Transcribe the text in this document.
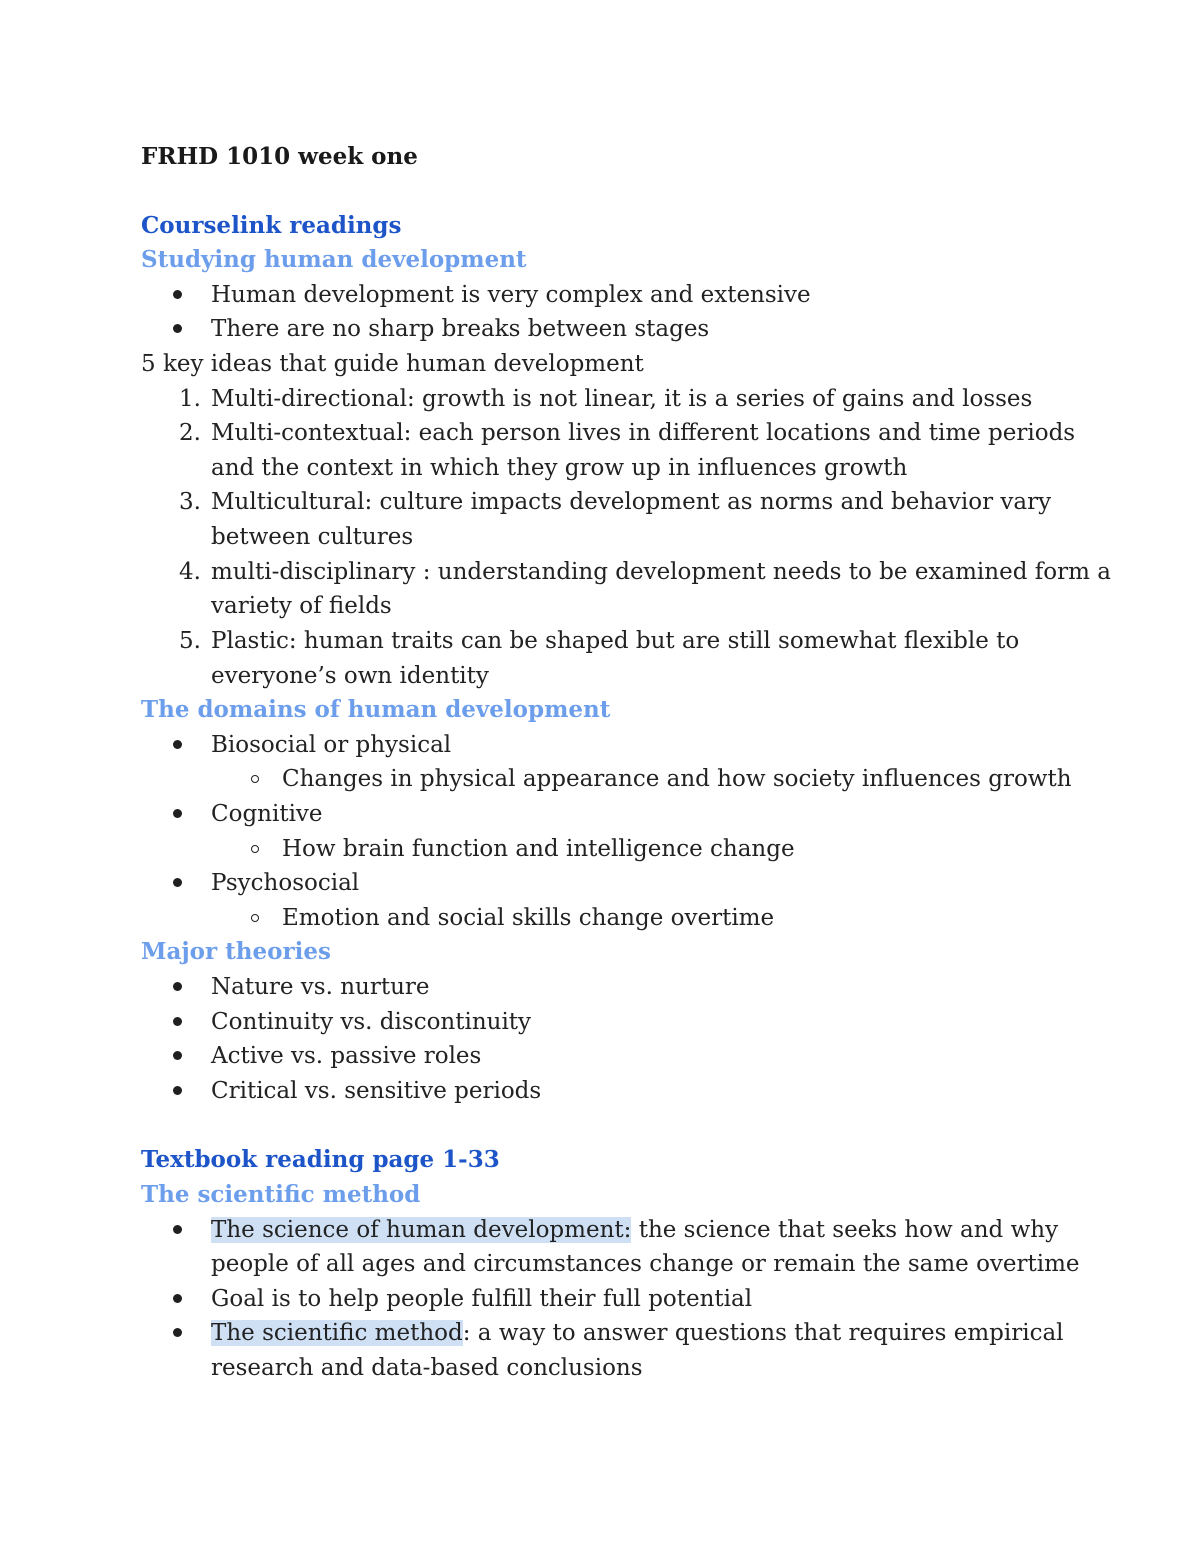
FRHD 1010 week one

Courselink readings

Studying human development

Human development is very complex and extensive

There are no sharp breaks between stages

5 key ideas that guide human development

1. Multi-directional: growth is not linear, it is a series of gains and losses

2. Multi-contextual: each person lives in different locations and time periods

and the context in which they grow up in influences growth

3. Multicultural: culture impacts development as norms and behavior vary

between cultures

4. multi-disciplinary : understanding development needs to be examined form a

variety of fields

5. Plastic: human traits can be shaped but are still somewhat flexible to

everyone’s own identity

The domains of human development

Biosocial or physical

Changes in physical appearance and how society influences growth

Cognitive

How brain function and intelligence change

Psychosocial

Emotion and social skills change overtime

Major theories

Nature vs. nurture

Continuity vs. discontinuity

Active vs. passive roles

Critical vs. sensitive periods

Textbook reading page 1-33

The scientific method

The science of human development: the science that seeks how and why

people of all ages and circumstances change or remain the same overtime

Goal is to help people fulfill their full potential

The scientific method: a way to answer questions that requires empirical

research and data-based conclusions
